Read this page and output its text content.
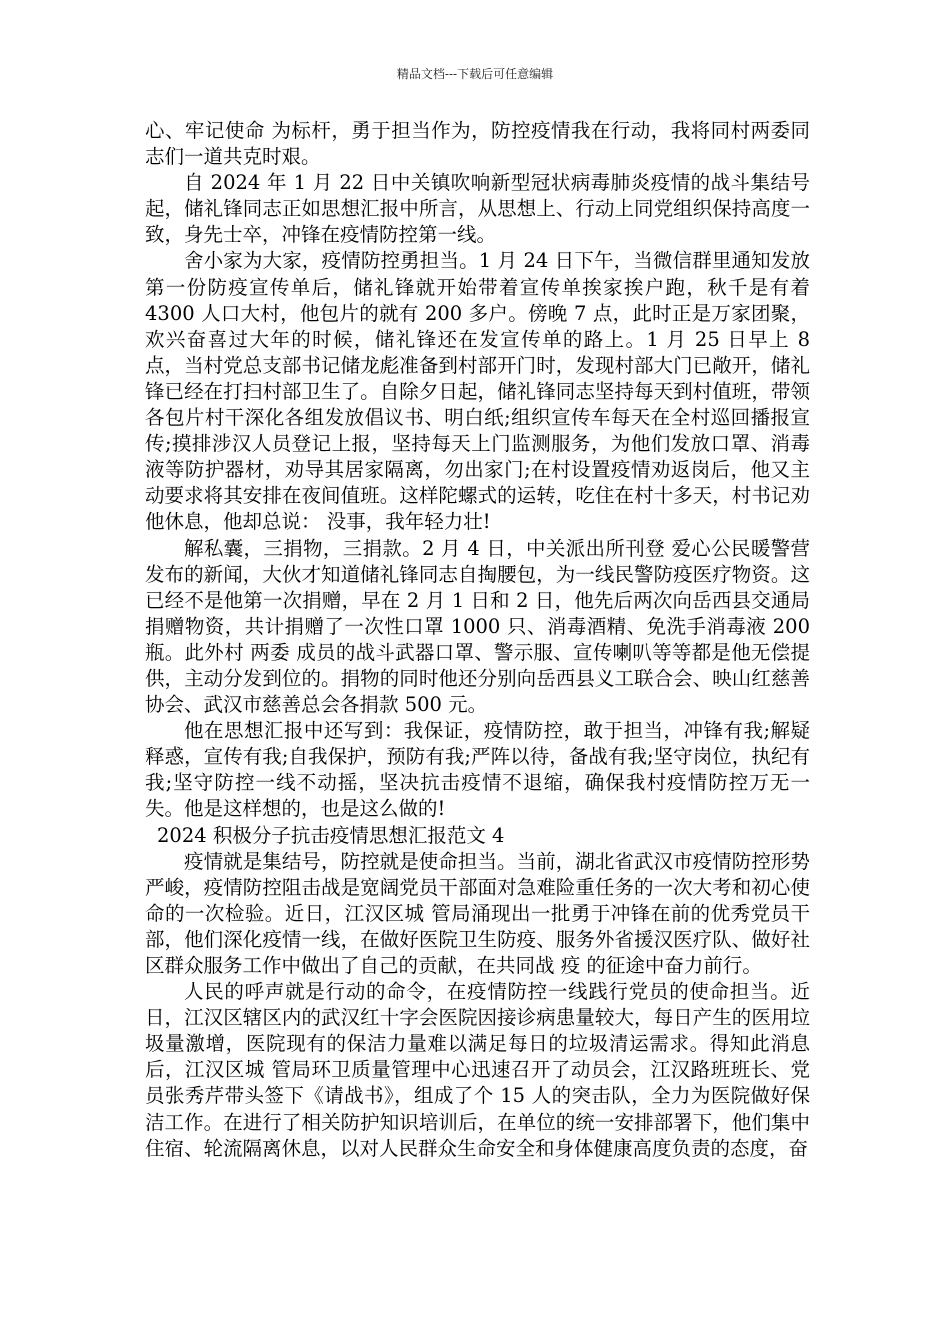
精品文档---下载后可任意编辑

心、牢记使命 为标杆，勇于担当作为，防控疫情我在行动，我将同村两委同志们一道共克时艰。

自 2024 年 1 月 22 日中关镇吹响新型冠状病毒肺炎疫情的战斗集结号起，储礼锋同志正如思想汇报中所言，从思想上、行动上同党组织保持高度一致，身先士卒，冲锋在疫情防控第一线。

舍小家为大家，疫情防控勇担当。1 月 24 日下午，当微信群里通知发放第一份防疫宣传单后，储礼锋就开始带着宣传单挨家挨户跑，秋千是有着 4300 人口大村，他包片的就有 200 多户。傍晚 7 点，此时正是万家团聚，欢兴奋喜过大年的时候，储礼锋还在发宣传单的路上。1 月 25 日早上 8 点，当村党总支部书记储龙彪准备到村部开门时，发现村部大门已敞开，储礼锋已经在打扫村部卫生了。自除夕日起，储礼锋同志坚持每天到村值班，带领各包片村干深化各组发放倡议书、明白纸;组织宣传车每天在全村巡回播报宣传;摸排涉汉人员登记上报，坚持每天上门监测服务，为他们发放口罩、消毒液等防护器材，劝导其居家隔离，勿出家门;在村设置疫情劝返岗后，他又主动要求将其安排在夜间值班。这样陀螺式的运转，吃住在村十多天，村书记劝他休息，他却总说： 没事，我年轻力壮!

解私囊，三捐物，三捐款。2 月 4 日，中关派出所刊登 爱心公民暖警营 发布的新闻，大伙才知道储礼锋同志自掏腰包，为一线民警防疫医疗物资。这已经不是他第一次捐赠，早在 2 月 1 日和 2 日，他先后两次向岳西县交通局捐赠物资，共计捐赠了一次性口罩 1000 只、消毒酒精、免洗手消毒液 200 瓶。此外村 两委 成员的战斗武器口罩、警示服、宣传喇叭等等都是他无偿提供，主动分发到位的。捐物的同时他还分别向岳西县义工联合会、映山红慈善协会、武汉市慈善总会各捐款 500 元。

他在思想汇报中还写到：我保证，疫情防控，敢于担当，冲锋有我;解疑释惑，宣传有我;自我保护，预防有我;严阵以待，备战有我;坚守岗位，执纪有我;坚守防控一线不动摇，坚决抗击疫情不退缩，确保我村疫情防控万无一失。他是这样想的，也是这么做的!

2024 积极分子抗击疫情思想汇报范文 4

疫情就是集结号，防控就是使命担当。当前，湖北省武汉市疫情防控形势严峻，疫情防控阻击战是宽阔党员干部面对急难险重任务的一次大考和初心使命的一次检验。近日，江汉区城 管局涌现出一批勇于冲锋在前的优秀党员干部，他们深化疫情一线，在做好医院卫生防疫、服务外省援汉医疗队、做好社区群众服务工作中做出了自己的贡献，在共同战 疫 的征途中奋力前行。

人民的呼声就是行动的命令，在疫情防控一线践行党员的使命担当。近日，江汉区辖区内的武汉红十字会医院因接诊病患量较大，每日产生的医用垃圾量激增，医院现有的保洁力量难以满足每日的垃圾清运需求。得知此消息后，江汉区城 管局环卫质量管理中心迅速召开了动员会，江汉路班班长、党员张秀芹带头签下《请战书》，组成了个 15 人的突击队，全力为医院做好保洁工作。在进行了相关防护知识培训后，在单位的统一安排部署下，他们集中住宿、轮流隔离休息，以对人民群众生命安全和身体健康高度负责的态度，奋
